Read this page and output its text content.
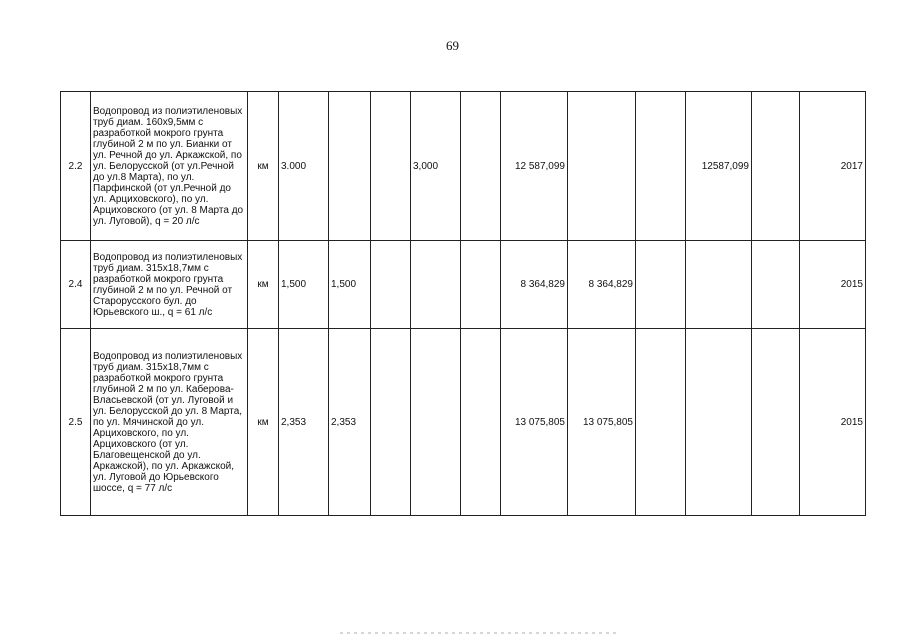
69
2.2	Водопровод из полиэтиленовых труб диам. 160х9,5мм с разработкой мокрого грунта глубиной 2 м по ул. Бианки от ул. Речной до ул. Аркажской, по ул. Белорусской (от ул.Речной до ул.8 Марта), по ул. Парфинской (от ул.Речной до ул. Арциховского), по ул. Арциховского (от ул. 8 Марта до ул. Луговой), q = 20 л/с	км	3.000			3,000		12 587,099			12587,099		2017
2.4	Водопровод из полиэтиленовых труб диам. 315х18,7мм с разработкой мокрого грунта глубиной 2 м по ул. Речной от Старорусского бул. до Юрьевского ш., q = 61 л/с	км	1,500	1,500				8 364,829	8 364,829				2015
2.5	Водопровод из полиэтиленовых труб диам. 315х18,7мм с разработкой мокрого грунта глубиной 2 м по ул. Каберова-Власьевской (от ул. Луговой и ул. Белорусской до ул. 8 Марта, по ул. Мячинской до ул. Арциховского, по ул. Арциховского (от ул. Благовещенской до ул. Аркажской), по ул. Аркажской, ул. Луговой до Юрьевского шоссе, q = 77 л/с	км	2,353	2,353				13 075,805	13 075,805				2015
